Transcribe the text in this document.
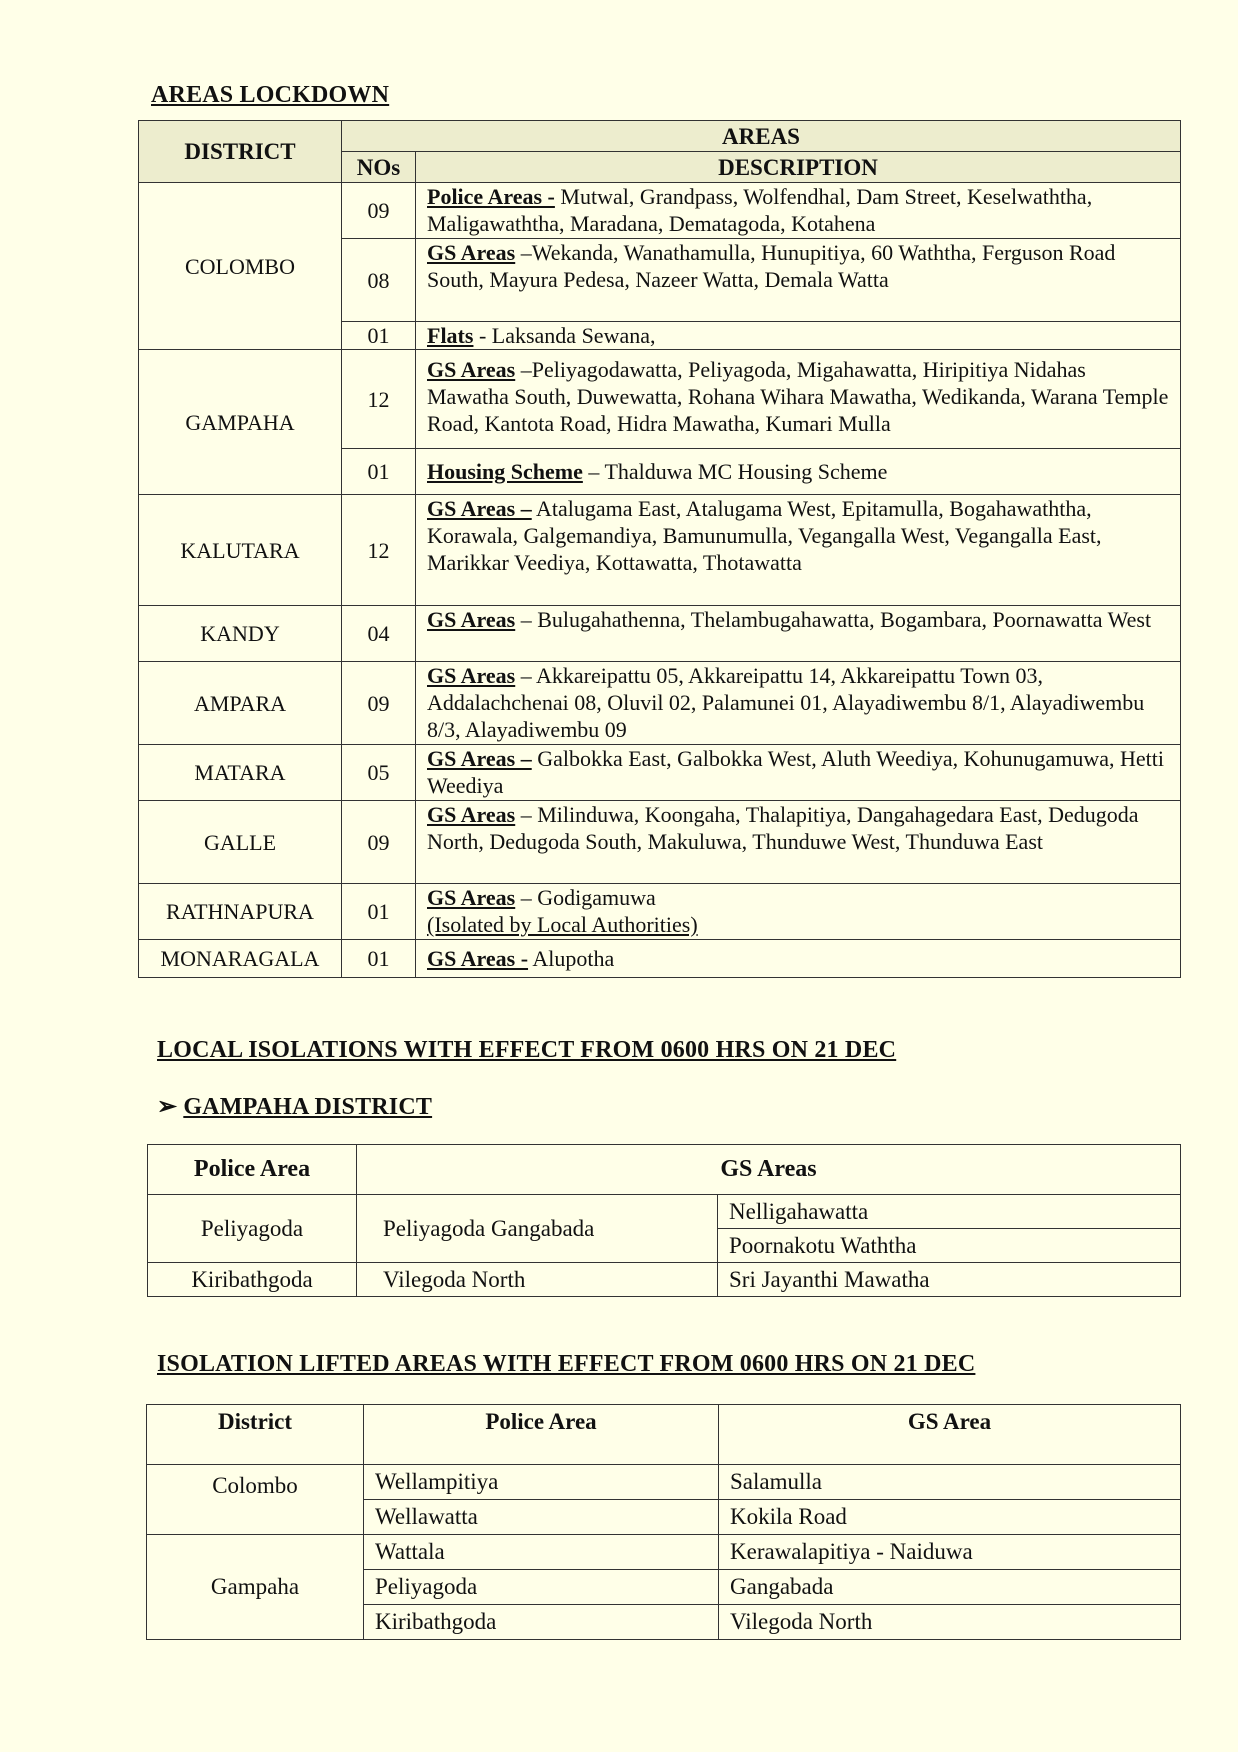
AREAS LOCKDOWN
DISTRICT	AREAS	
	NOs	DESCRIPTION
COLOMBO	09	Police Areas - Mutwal, Grandpass, Wolfendhal, Dam Street, Keselwaththa, Maligawaththa, Maradana, Dematagoda, Kotahena
	08	GS Areas –Wekanda, Wanathamulla, Hunupitiya, 60 Waththa, Ferguson Road South, Mayura Pedesa, Nazeer Watta, Demala Watta
	01	Flats - Laksanda Sewana,
GAMPAHA	12	GS Areas –Peliyagodawatta, Peliyagoda, Migahawatta, Hiripitiya Nidahas Mawatha South, Duwewatta, Rohana Wihara Mawatha, Wedikanda, Warana Temple Road, Kantota Road, Hidra Mawatha, Kumari Mulla
	01	Housing Scheme – Thalduwa MC Housing Scheme
KALUTARA	12	GS Areas – Atalugama East, Atalugama West, Epitamulla, Bogahawaththa, Korawala, Galgemandiya, Bamunumulla, Vegangalla West, Vegangalla East, Marikkar Veediya, Kottawatta, Thotawatta
KANDY	04	GS Areas – Bulugahathenna, Thelambugahawatta, Bogambara, Poornawatta West
AMPARA	09	GS Areas – Akkareipattu 05, Akkareipattu 14, Akkareipattu Town 03, Addalachchenai 08, Oluvil 02, Palamunei 01, Alayadiwembu 8/1, Alayadiwembu 8/3, Alayadiwembu 09
MATARA	05	GS Areas – Galbokka East, Galbokka West, Aluth Weediya, Kohunugamuwa, Hetti Weediya
GALLE	09	GS Areas – Milinduwa, Koongaha, Thalapitiya, Dangahagedara East, Dedugoda North, Dedugoda South, Makuluwa, Thunduwe West, Thunduwa East
RATHNAPURA	01	GS Areas – Godigamuwa
(Isolated by Local Authorities)
MONARAGALA	01	GS Areas - Alupotha
LOCAL ISOLATIONS WITH EFFECT FROM 0600 HRS ON 21 DEC
➢ GAMPAHA DISTRICT
Police Area	GS Areas	
Peliyagoda	Peliyagoda Gangabada	Nelligahawatta
		Poornakotu Waththa
Kiribathgoda	Vilegoda North	Sri Jayanthi Mawatha
ISOLATION LIFTED AREAS WITH EFFECT FROM 0600 HRS ON 21 DEC
District	Police Area	GS Area
Colombo	Wellampitiya	Salamulla
	Wellawatta	Kokila Road
Gampaha	Wattala	Kerawalapitiya - Naiduwa
	Peliyagoda	Gangabada
	Kiribathgoda	Vilegoda North
